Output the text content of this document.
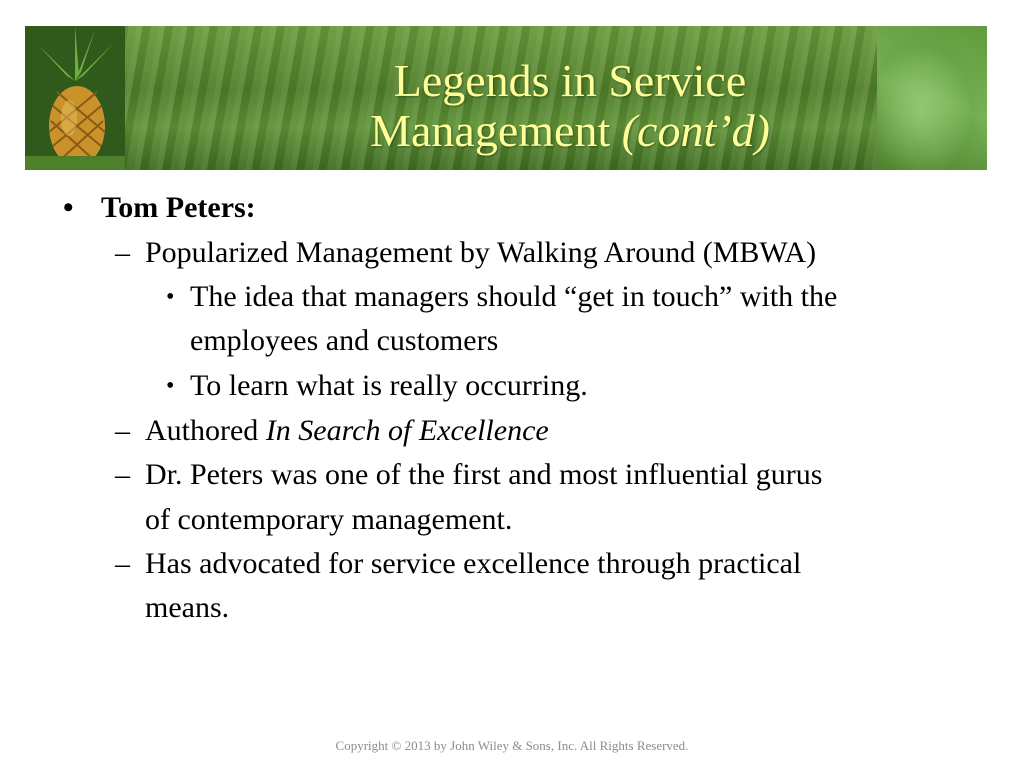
Legends in Service
Management (cont’d)
• Tom Peters:
– Popularized Management by Walking Around (MBWA)
• The idea that managers should “get in touch” with the
employees and customers
• To learn what is really occurring.
– Authored In Search of Excellence
– Dr. Peters was one of the first and most influential gurus
of contemporary management.
– Has advocated for service excellence through practical
means.
Copyright © 2013 by John Wiley & Sons, Inc. All Rights Reserved.
